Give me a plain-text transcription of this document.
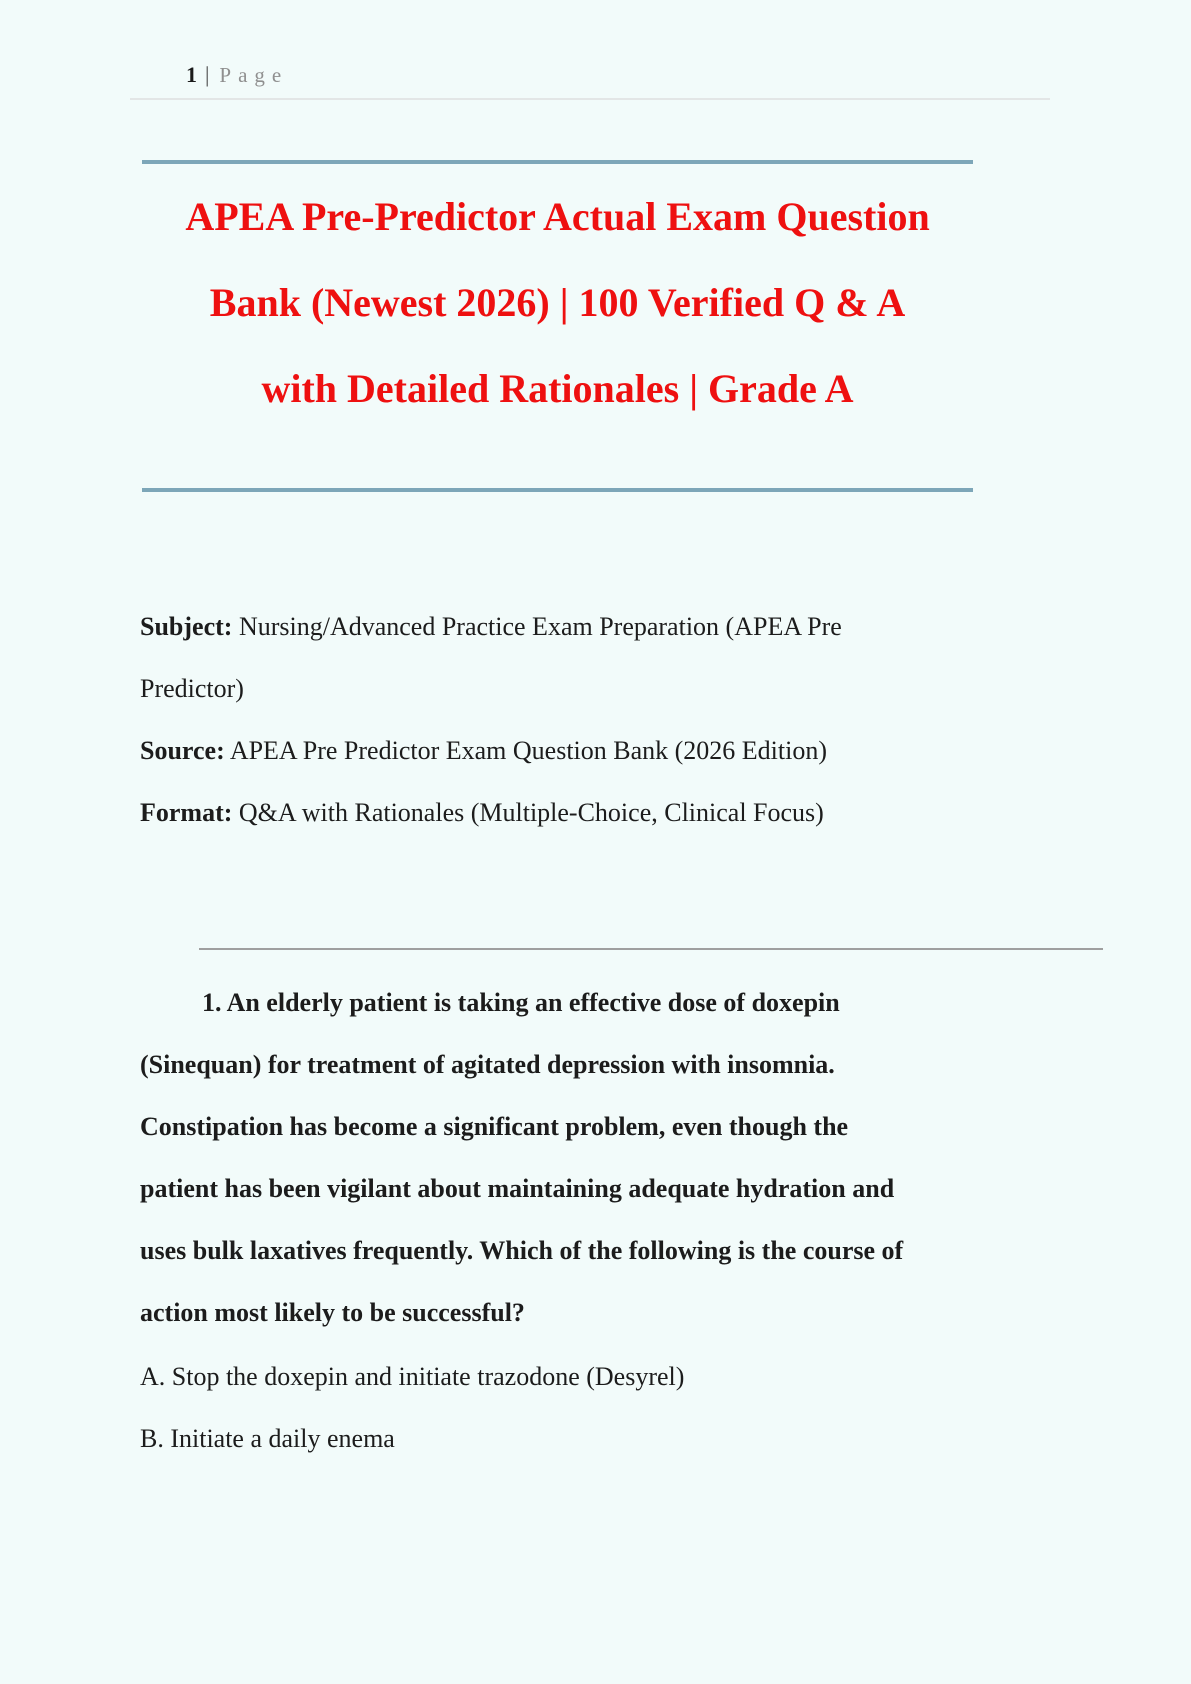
1 | Page
APEA Pre-Predictor Actual Exam Question
Bank (Newest 2026) | 100 Verified Q & A
with Detailed Rationales | Grade A

Subject: Nursing/Advanced Practice Exam Preparation (APEA Pre

Predictor)

Source: APEA Pre Predictor Exam Question Bank (2026 Edition)

Format: Q&A with Rationales (Multiple-Choice, Clinical Focus)

1. An elderly patient is taking an effective dose of doxepin
(Sinequan) for treatment of agitated depression with insomnia.
Constipation has become a significant problem, even though the
patient has been vigilant about maintaining adequate hydration and
uses bulk laxatives frequently. Which of the following is the course of
action most likely to be successful?
A. Stop the doxepin and initiate trazodone (Desyrel)
B. Initiate a daily enema
